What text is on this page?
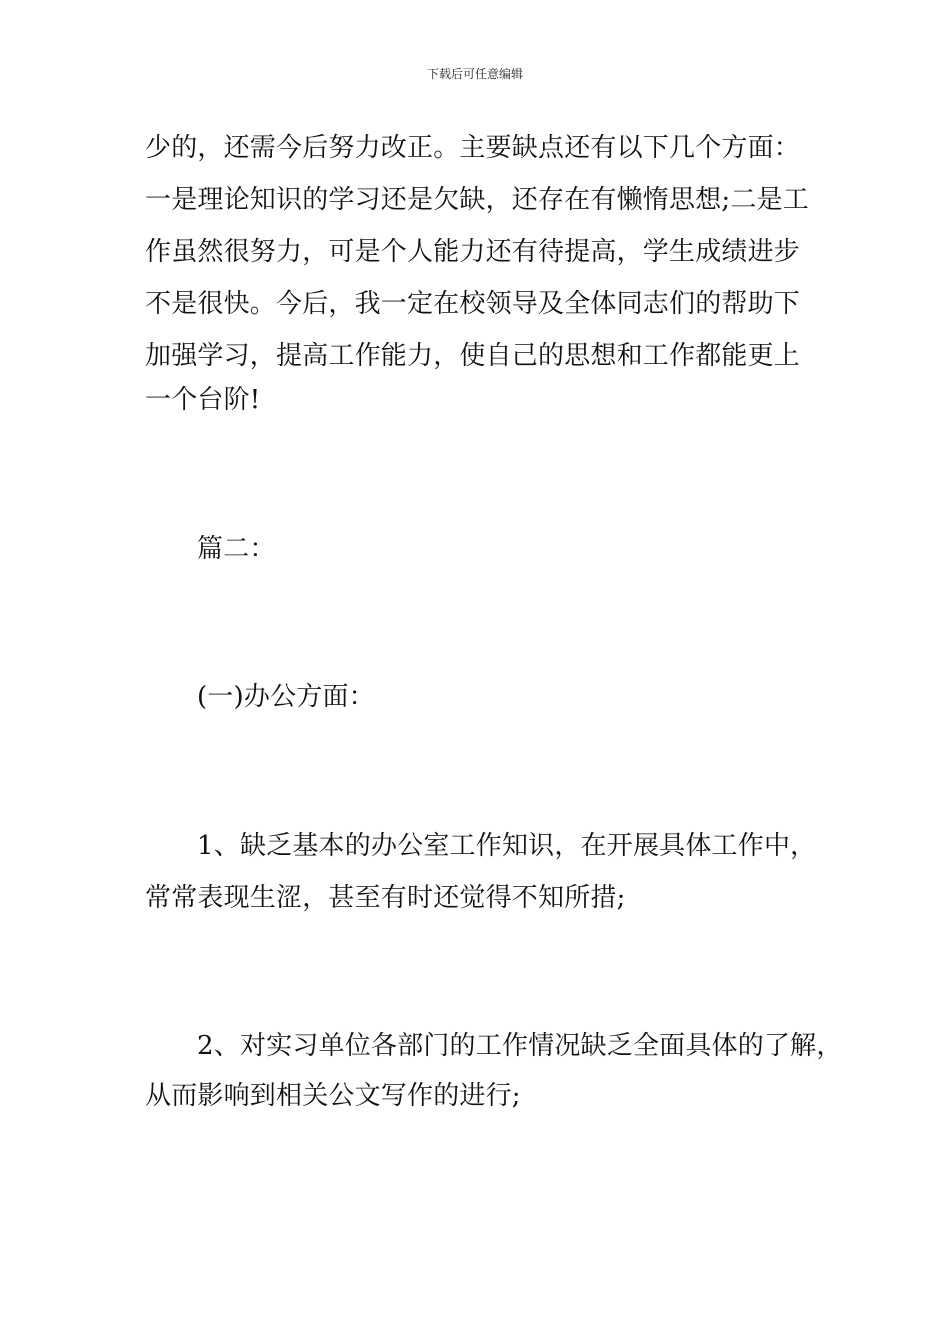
下载后可任意编辑
少的，还需今后努力改正。主要缺点还有以下几个方面：
一是理论知识的学习还是欠缺，还存在有懒惰思想;二是工
作虽然很努力，可是个人能力还有待提高，学生成绩进步
不是很快。今后，我一定在校领导及全体同志们的帮助下
加强学习，提高工作能力，使自己的思想和工作都能更上
一个台阶!
篇二：
(一)办公方面：
1、缺乏基本的办公室工作知识，在开展具体工作中，
常常表现生涩，甚至有时还觉得不知所措;
2、对实习单位各部门的工作情况缺乏全面具体的了解，
从而影响到相关公文写作的进行;
